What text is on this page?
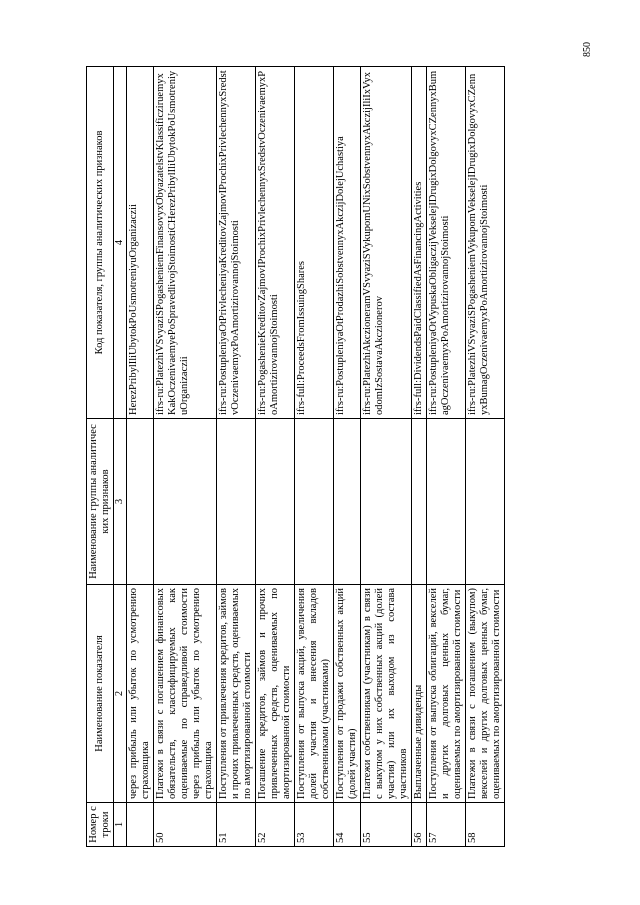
850
Номер строки	Наименование показателя	Наименование группы аналитических признаков	Код показателя, группы аналитических признаков
1	2	3	4
	через прибыль или убыток по усмотрению страховщика		HerezPribylIliUbytokPoUsmotreniyuOrganizaczii
50	Платежи в связи с погашением финансовых обязательств, классифицируемых как оцениваемые по справедливой стоимости через прибыль или убыток по усмотрению страховщика		ifrs-ru:PlatezhiVSvyaziSPogasheniemFinansovyxObyazatelstvKlassificziruemyxKakOczenivaemyePoSpravedlivojStoimostiCHerezPribylIliUbytokPoUsmotreniyuOrganizaczii
51	Поступления от привлечения кредитов, займов и прочих привлеченных средств, оцениваемых по амортизированной стоимости		ifrs-ru:PostupleniyaOtPrivlecheniyaKreditovZajmovIProchixPrivlechennyxSredstvOczenivaemyxPoAmortizirovannojStoimosti
52	Погашение кредитов, займов и прочих привлеченных средств, оцениваемых по амортизированной стоимости		ifrs-ru:PogashenieKreditovZajmovIProchixPrivlechennyxSredstvOczenivaemyxPoAmortizirovannojStoimosti
53	Поступления от выпуска акций, увеличения долей участия и внесения вкладов собственниками (участниками)		ifrs-full:ProceedsFromIssuingShares
54	Поступления от продажи собственных акций (долей участия)		ifrs-ru:PostupleniyaOtProdazhiSobstvennyxAkczijDolejUchastiya
55	Платежи собственникам (участникам) в связи с выкупом у них собственных акций (долей участия) или их выходом из состава участников		ifrs-ru:PlatezhiAkczioneramVSvyaziSVykupomUNixSobstvennyxAkczijIliIxVyxodomIzSostavaAkczionerov
56	Выплаченные дивиденды		ifrs-full:DividendsPaidClassifiedAsFinancingActivities
57	Поступления от выпуска облигаций, векселей и других долговых ценных бумаг, оцениваемых по амортизированной стоимости		ifrs-ru:PostupleniyaOtVypuskaObligaczijVekselejIDrugixDolgovyxCZennyxBumagOczenivaemyxPoAmortizirovannojStoimosti
58	Платежи в связи с погашением (выкупом) векселей и других долговых ценных бумаг, оцениваемых по амортизированной стоимости		ifrs-ru:PlatezhiVSvyaziSPogasheniemVykupomVekselejIDrugixDolgovyxCZennyxBumagOczenivaemyxPoAmortizirovannojStoimosti
